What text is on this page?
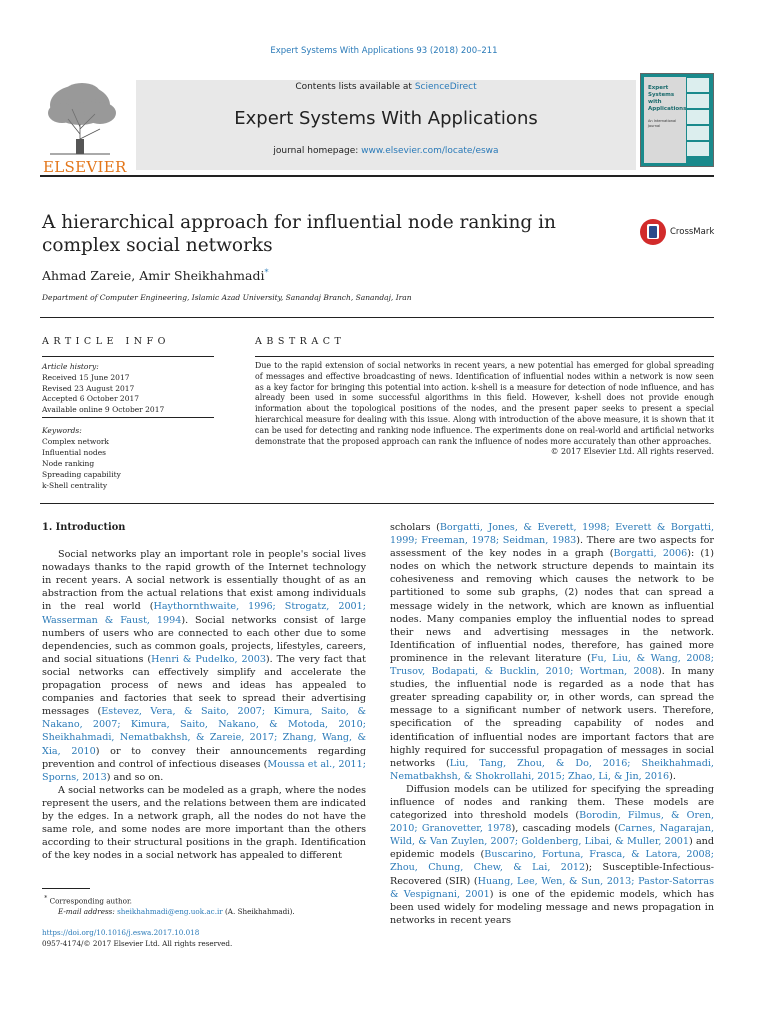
Expert Systems With Applications 93 (2018) 200–211
ELSEVIER
Contents lists available at ScienceDirect
Expert Systems With Applications
journal homepage: www.elsevier.com/locate/eswa
Expert Systems with Applications
An International Journal
A hierarchical approach for influential node ranking in complex social networks
CrossMark
Ahmad Zareie, Amir Sheikhahmadi*
Department of Computer Engineering, Islamic Azad University, Sanandaj Branch, Sanandaj, Iran
ARTICLE INFO	ABSTRACT
Article history:
Received 15 June 2017
Revised 23 August 2017
Accepted 6 October 2017
Available online 9 October 2017
Keywords:
Complex network
Influential nodes
Node ranking
Spreading capability
k-Shell centrality
Due to the rapid extension of social networks in recent years, a new potential has emerged for global spreading of messages and effective broadcasting of news. Identification of influential nodes within a network is now seen as a key factor for bringing this potential into action. k-shell is a measure for detection of node influence, and has already been used in some successful algorithms in this field. However, k-shell does not provide enough information about the topological positions of the nodes, and the present paper seeks to present a special hierarchical measure for dealing with this issue. Along with introduction of the above measure, it is shown that it can be used for detecting and ranking node influence. The experiments done on real-world and artificial networks demonstrate that the proposed approach can rank the influence of nodes more accurately than other approaches.
© 2017 Elsevier Ltd. All rights reserved.

1. Introduction

Social networks play an important role in people's social lives nowadays thanks to the rapid growth of the Internet technology in recent years. A social network is essentially thought of as an abstraction from the actual relations that exist among individuals in the real world (Haythornthwaite, 1996; Strogatz, 2001; Wasserman & Faust, 1994). Social networks consist of large numbers of users who are connected to each other due to some dependencies, such as common goals, projects, lifestyles, careers, and social situations (Henri & Pudelko, 2003). The very fact that social networks can effectively simplify and accelerate the propagation process of news and ideas has appealed to companies and factories that seek to spread their advertising messages (Estevez, Vera, & Saito, 2007; Kimura, Saito, & Nakano, 2007; Kimura, Saito, Nakano, & Motoda, 2010; Sheikhahmadi, Nematbakhsh, & Zareie, 2017; Zhang, Wang, & Xia, 2010) or to convey their announcements regarding prevention and control of infectious diseases (Moussa et al., 2011; Sporns, 2013) and so on.

A social networks can be modeled as a graph, where the nodes represent the users, and the relations between them are indicated by the edges. In a network graph, all the nodes do not have the same role, and some nodes are more important than the others according to their structural positions in the graph. Identification of the key nodes in a social network has appealed to different

scholars (Borgatti, Jones, & Everett, 1998; Everett & Borgatti, 1999; Freeman, 1978; Seidman, 1983). There are two aspects for assessment of the key nodes in a graph (Borgatti, 2006): (1) nodes on which the network structure depends to maintain its cohesiveness and removing which causes the network to be partitioned to some sub graphs, (2) nodes that can spread a message widely in the network, which are known as influential nodes. Many companies employ the influential nodes to spread their news and advertising messages in the network. Identification of influential nodes, therefore, has gained more prominence in the relevant literature (Fu, Liu, & Wang, 2008; Trusov, Bodapati, & Bucklin, 2010; Wortman, 2008). In many studies, the influential node is regarded as a node that has greater spreading capability or, in other words, can spread the message to a significant number of network users. Therefore, specification of the spreading capability of nodes and identification of influential nodes are important factors that are highly required for successful propagation of messages in social networks (Liu, Tang, Zhou, & Do, 2016; Sheikhahmadi, Nematbakhsh, & Shokrollahi, 2015; Zhao, Li, & Jin, 2016).

Diffusion models can be utilized for specifying the spreading influence of nodes and ranking them. These models are categorized into threshold models (Borodin, Filmus, & Oren, 2010; Granovetter, 1978), cascading models (Carnes, Nagarajan, Wild, & Van Zuylen, 2007; Goldenberg, Libai, & Muller, 2001) and epidemic models (Buscarino, Fortuna, Frasca, & Latora, 2008; Zhou, Chung, Chew, & Lai, 2012); Susceptible-Infectious-Recovered (SIR) (Huang, Lee, Wen, & Sun, 2013; Pastor-Satorras & Vespignani, 2001) is one of the epidemic models, which has been used widely for modeling message and news propagation in networks in recent years

* Corresponding author.
E-mail address: sheikhahmadi@eng.uok.ac.ir (A. Sheikhahmadi).
https://doi.org/10.1016/j.eswa.2017.10.018
0957-4174/© 2017 Elsevier Ltd. All rights reserved.
